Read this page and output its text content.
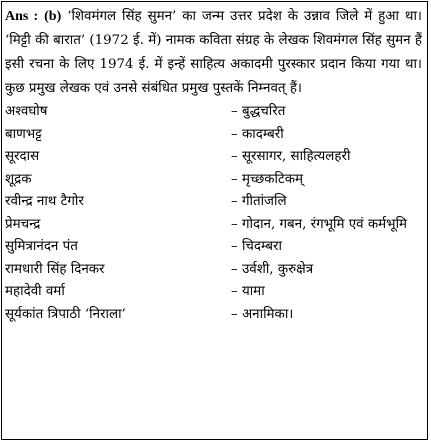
Ans : (b) ‘शिवमंगल सिंह सुमन’ का जन्म उत्तर प्रदेश के उन्नाव जिले में हुआ था। ‘मिट्टी की बारात’ (1972 ई. में) नामक कविता संग्रह के लेखक शिवमंगल सिंह सुमन हैं इसी रचना के लिए 1974 ई. में इन्हें साहित्य अकादमी पुरस्कार प्रदान किया गया था। कुछ प्रमुख लेखक एवं उनसे संबंधित प्रमुख पुस्तकें निम्नवत् हैं।

अश्वघोष	– बुद्धचरित
बाणभट्ट	– कादम्बरी
सूरदास	– सूरसागर, साहित्यलहरी
शूद्रक	– मृच्छकटिकम्
रवीन्द्र नाथ टैगोर	– गीतांजलि
प्रेमचन्द्र	– गोदान, गबन, रंगभूमि एवं कर्मभूमि
सुमित्रानंदन पंत	– चिदम्बरा
रामधारी सिंह दिनकर	– उर्वशी, कुरुक्षेत्र
महादेवी वर्मा	– यामा
सूर्यकांत त्रिपाठी ‘निराला’	– अनामिका।
